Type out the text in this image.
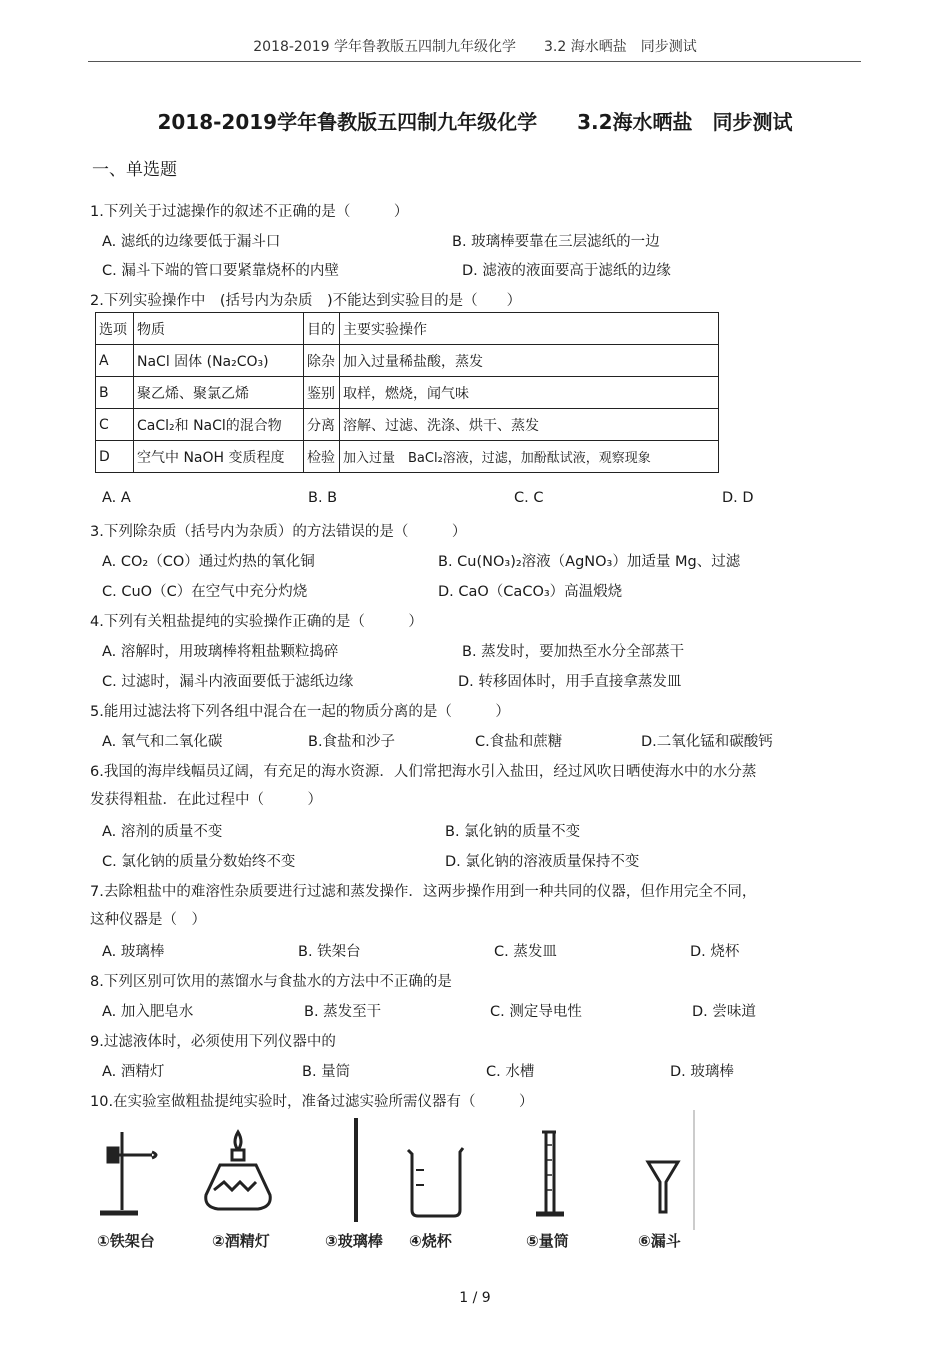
2018-2019 学年鲁教版五四制九年级化学　　3.2 海水晒盐　同步测试
2018-2019学年鲁教版五四制九年级化学　　3.2海水晒盐　同步测试
一、单选题
1.下列关于过滤操作的叙述不正确的是（　　　）
A. 滤纸的边缘要低于漏斗口	B. 玻璃棒要靠在三层滤纸的一边
C. 漏斗下端的管口要紧靠烧杯的内壁	D. 滤液的液面要高于滤纸的边缘
2.下列实验操作中　(括号内为杂质　)不能达到实验目的是（　　）
选项	物质	目的	主要实验操作
A	NaCl 固体 (Na₂CO₃)	除杂	加入过量稀盐酸，蒸发
B	聚乙烯、聚氯乙烯	鉴别	取样，燃烧，闻气味
C	CaCl₂和 NaCl的混合物	分离	溶解、过滤、洗涤、烘干、蒸发
D	空气中 NaOH 变质程度	检验	加入过量　BaCl₂溶液，过滤，加酚酞试液，观察现象
A. A	B. B	C. C	D. D
3.下列除杂质（括号内为杂质）的方法错误的是（　　　）
A. CO₂（CO）通过灼热的氧化铜	B. Cu(NO₃)₂溶液（AgNO₃）加适量 Mg、过滤
C. CuO（C）在空气中充分灼烧	D. CaO（CaCO₃）高温煅烧
4.下列有关粗盐提纯的实验操作正确的是（　　　）
A. 溶解时，用玻璃棒将粗盐颗粒捣碎	B. 蒸发时，要加热至水分全部蒸干
C. 过滤时，漏斗内液面要低于滤纸边缘	D. 转移固体时，用手直接拿蒸发皿
5.能用过滤法将下列各组中混合在一起的物质分离的是（　　　）
A. 氧气和二氧化碳	B.食盐和沙子	C.食盐和蔗糖	D.二氧化锰和碳酸钙
6.我国的海岸线幅员辽阔，有充足的海水资源．人们常把海水引入盐田，经过风吹日晒使海水中的水分蒸
发获得粗盐．在此过程中（　　　）
A. 溶剂的质量不变	B. 氯化钠的质量不变
C. 氯化钠的质量分数始终不变	D. 氯化钠的溶液质量保持不变
7.去除粗盐中的难溶性杂质要进行过滤和蒸发操作．这两步操作用到一种共同的仪器，但作用完全不同，
这种仪器是（　）
A. 玻璃棒	B. 铁架台	C. 蒸发皿	D. 烧杯
8.下列区别可饮用的蒸馏水与食盐水的方法中不正确的是
A. 加入肥皂水	B. 蒸发至干	C. 测定导电性	D. 尝味道
9.过滤液体时，必须使用下列仪器中的
A. 酒精灯	B. 量筒	C. 水槽	D. 玻璃棒
10.在实验室做粗盐提纯实验时，准备过滤实验所需仪器有（　　　）
①铁架台	②酒精灯	③玻璃棒 ④烧杯	⑤量筒	⑥漏斗
1 / 9
